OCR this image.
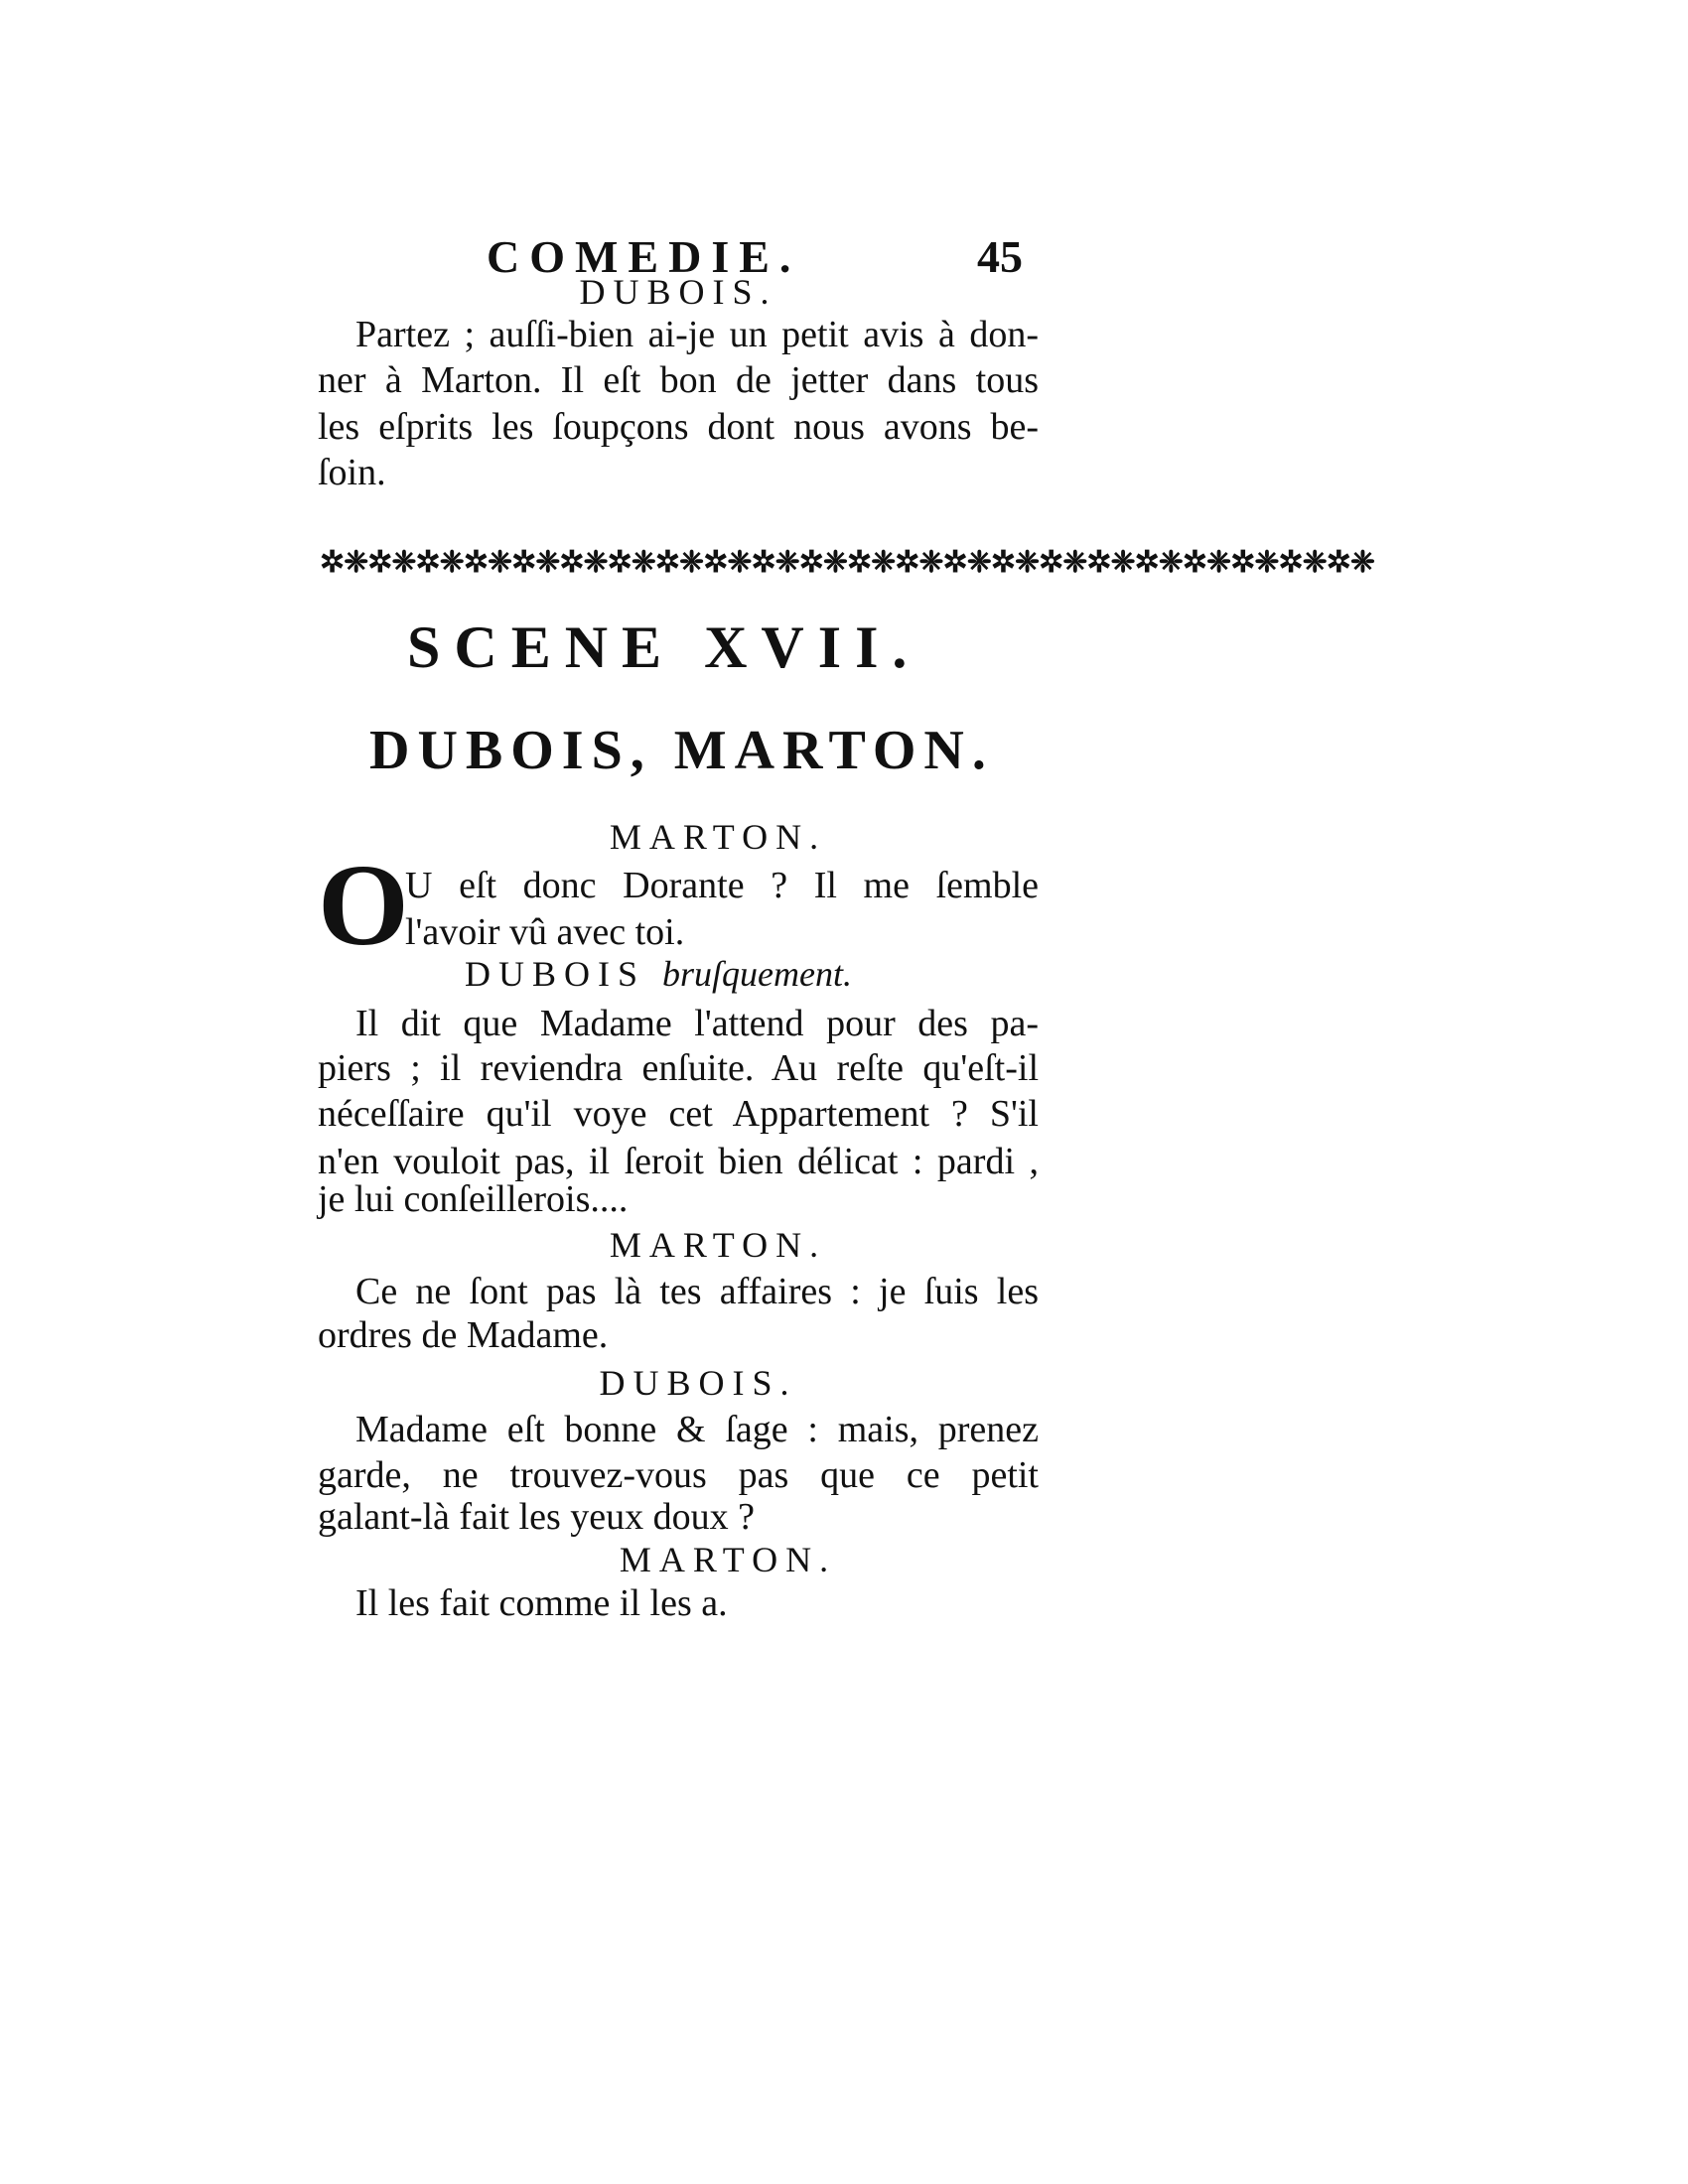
COMEDIE.	45
DUBOIS.
Partez ; auſſi-bien ai-je un petit avis à don-
ner à Marton. Il eſt bon de jetter dans tous
les eſprits les ſoupçons dont nous avons be-
ſoin.
✲❈✲❈✲❈✲❈✲❈✲❈✲❈✲❈✲❈✲❈✲❈✲❈✲❈✲❈✲❈✲❈✲❈✲❈✲❈✲❈✲❈✲❈
SCENE XVII.
DUBOIS, MARTON.
MARTON.
O
U eſt donc Dorante ? Il me ſemble
l'avoir vû avec toi.
DUBOIS bruſquement.
Il dit que Madame l'attend pour des pa-
piers ; il reviendra enſuite. Au reſte qu'eſt-il
néceſſaire qu'il voye cet Appartement ? S'il
n'en vouloit pas, il ſeroit bien délicat : pardi ,
je lui conſeillerois....
MARTON.
Ce ne ſont pas là tes affaires : je ſuis les
ordres de Madame.
DUBOIS.
Madame eſt bonne & ſage : mais, prenez
garde, ne trouvez-vous pas que ce petit
galant-là fait les yeux doux ?
MARTON.
Il les fait comme il les a.
